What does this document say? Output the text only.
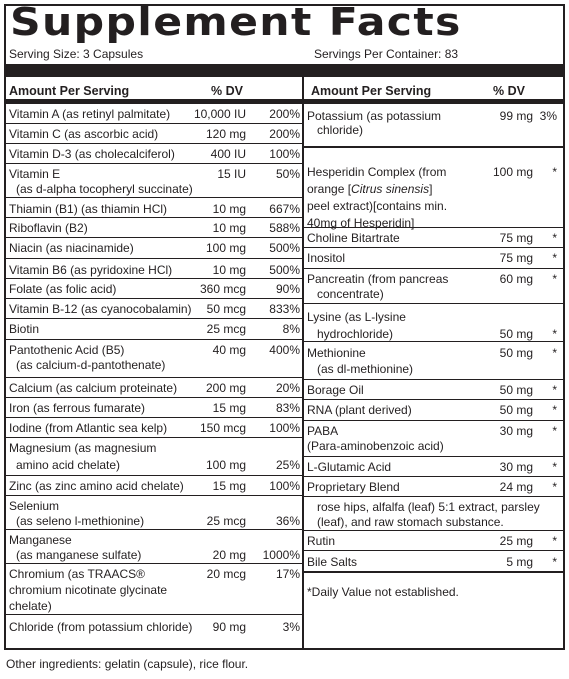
Supplement Facts
Serving Size: 3 Capsules	Servings Per Container: 83
Amount Per Serving	% DV
Vitamin A (as retinyl palmitate) 10,000 IU 200%
Vitamin C (as ascorbic acid)	120 mg 200%
Vitamin D-3 (as cholecalciferol)	400 IU 100%
Vitamin E
(as d-alpha tocopheryl succinate)
15 IU 50%
Thiamin (B1) (as thiamin HCl)	10 mg 667%
Riboflavin (B2)	10 mg 588%
Niacin (as niacinamide)	100 mg 500%
Vitamin B6 (as pyridoxine HCl)	10 mg 500%
Folate (as folic acid)	360 mcg 90%
Vitamin B-12 (as cyanocobalamin) 50 mcg 833%
Biotin	25 mcg	8%
Pantothenic Acid (B5)
(as calcium-d-pantothenate)
40 mg 400%
Calcium (as calcium proteinate) 200 mg 20%
Iron (as ferrous fumarate)	15 mg 83%
Iodine (from Atlantic sea kelp)	150 mcg 100%
Magnesium (as magnesium
amino acid chelate)	100 mg 25%
Zinc (as zinc amino acid chelate) 15 mg 100%
Selenium
(as seleno l-methionine)	25 mcg 36%
Manganese
(as manganese sulfate)	20 mg 1000%
Chromium (as TRAACS®
chromium nicotinate glycinate
chelate)
20 mcg 17%
Chloride (from potassium chloride) 90 mg	3%
Amount Per Serving	% DV
Potassium (as potassium
chloride)
99 mg 3%
Hesperidin Complex (from
orange [Citrus sinensis]
peel extract)[contains min.
40mg of Hesperidin]
100 mg *
Choline Bitartrate	75 mg *
Inositol	75 mg *
Pancreatin (from pancreas
concentrate)
60 mg *
Lysine (as L-lysine
hydrochloride)	50 mg *
Methionine
(as dl-methionine)
50 mg *
Borage Oil	50 mg *
RNA (plant derived)	50 mg *
PABA
(Para-aminobenzoic acid)
30 mg *
L-Glutamic Acid	30 mg *
Proprietary Blend	24 mg *
rose hips, alfalfa (leaf) 5:1 extract, parsley
(leaf), and raw stomach substance.
Rutin	25 mg *
Bile Salts	5 mg *
*Daily Value not established.
Other ingredients: gelatin (capsule), rice flour.
